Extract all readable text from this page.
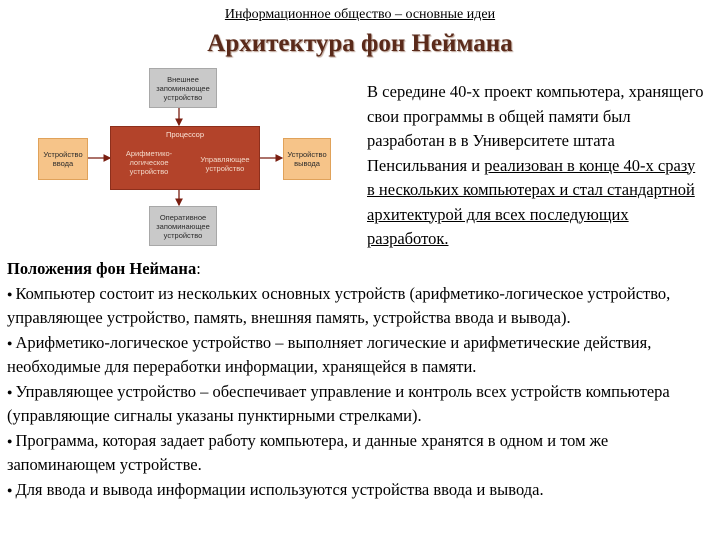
Информационное общество – основные идеи
Архитектура фон Неймана
Внешнее запоминающее устройство
Процессор
Арифметико-логическое устройство
Управляющее устройство
Устройство ввода
Устройство вывода
Оперативное запоминающее устройство
В середине 40-х проект компьютера, хранящего свои программы в общей памяти был разработан в в Университете штата Пенсильвания и реализован в конце 40-х сразу в нескольких компьютерах и стал стандартной архитектурой для всех последующих разработок.
Положения фон Неймана:
● Компьютер состоит из нескольких основных устройств (арифметико-логическое устройство, управляющее устройство, память, внешняя память, устройства ввода и вывода).
● Арифметико-логическое устройство – выполняет логические и арифметические действия, необходимые для переработки информации, хранящейся в памяти.
● Управляющее устройство – обеспечивает управление и контроль всех устройств компьютера (управляющие сигналы указаны пунктирными стрелками).
● Программа, которая задает работу компьютера, и данные хранятся в одном и том же запоминающем устройстве.
● Для ввода и вывода информации используются устройства ввода и вывода.
